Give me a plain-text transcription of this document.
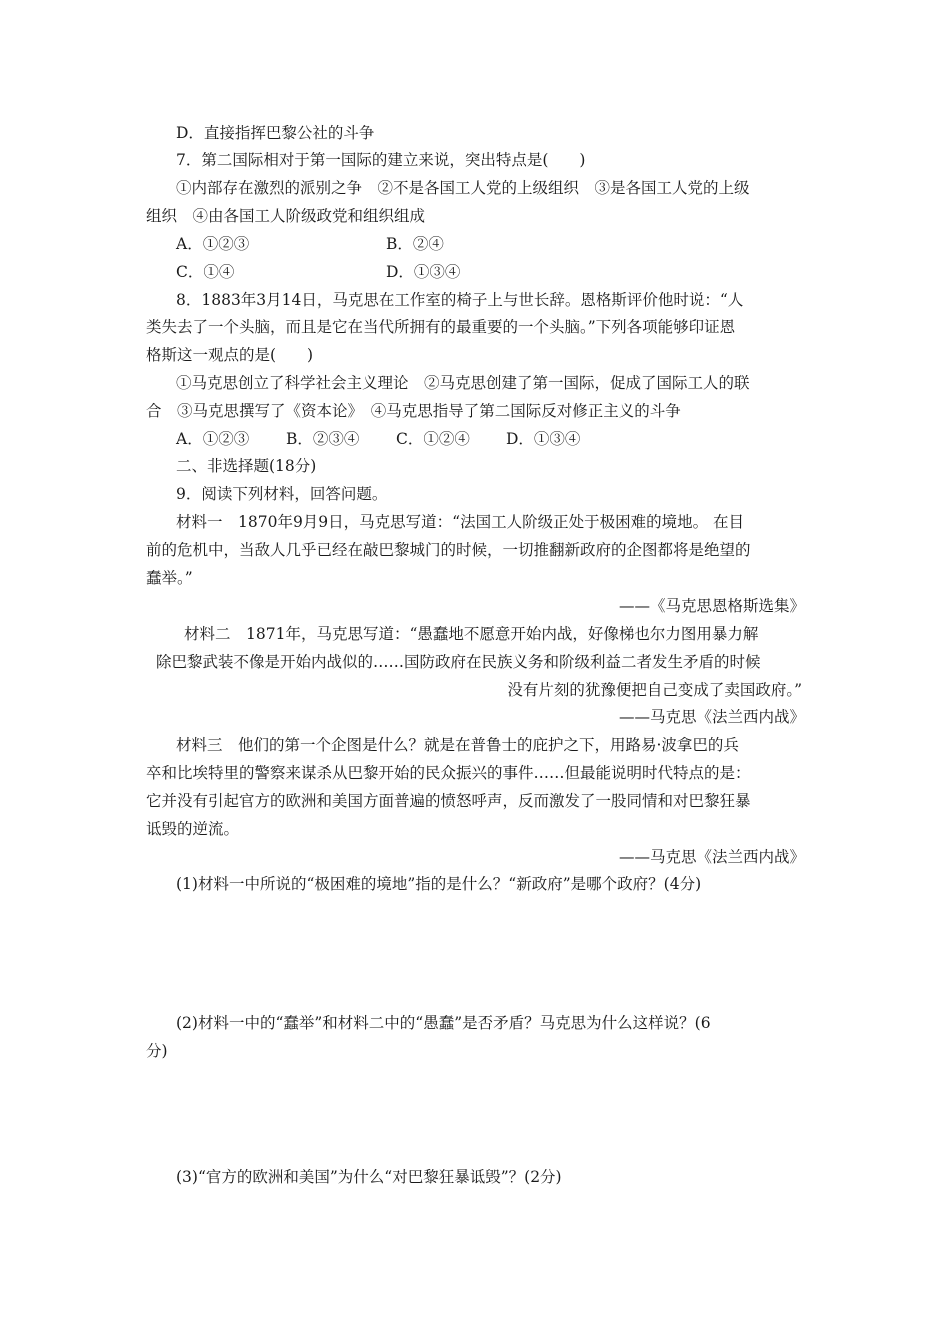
D．直接指挥巴黎公社的斗争
7．第二国际相对于第一国际的建立来说，突出特点是(　　)
①内部存在激烈的派别之争　②不是各国工人党的上级组织　③是各国工人党的上级
组织　④由各国工人阶级政党和组织组成
A．①②③	B．②④
C．①④	D．①③④
8．1883年3月14日，马克思在工作室的椅子上与世长辞。恩格斯评价他时说：“人
类失去了一个头脑，而且是它在当代所拥有的最重要的一个头脑。”下列各项能够印证恩
格斯这一观点的是(　　)
①马克思创立了科学社会主义理论　②马克思创建了第一国际，促成了国际工人的联
合　③马克思撰写了《资本论》　④马克思指导了第二国际反对修正主义的斗争
A．①②③ B．②③④ C．①②④ D．①③④
二、非选择题(18分)
9．阅读下列材料，回答问题。
材料一　1870年9月9日，马克思写道：“法国工人阶级正处于极困难的境地。 在目
前的危机中，当敌人几乎已经在敲巴黎城门的时候，一切推翻新政府的企图都将是绝望的
蠢举。”
——《马克思恩格斯选集》
材料二　1871年，马克思写道：“愚蠢地不愿意开始内战，好像梯也尔力图用暴力解
除巴黎武装不像是开始内战似的……国防政府在民族义务和阶级利益二者发生矛盾的时候
没有片刻的犹豫便把自己变成了卖国政府。”
——马克思《法兰西内战》
材料三　他们的第一个企图是什么？就是在普鲁士的庇护之下，用路易·波拿巴的兵
卒和比埃特里的警察来谋杀从巴黎开始的民众振兴的事件……但最能说明时代特点的是：
它并没有引起官方的欧洲和美国方面普遍的愤怒呼声，反而激发了一股同情和对巴黎狂暴
诋毁的逆流。
——马克思《法兰西内战》
(1)材料一中所说的“极困难的境地”指的是什么？“新政府”是哪个政府？(4分)
(2)材料一中的“蠢举”和材料二中的“愚蠢”是否矛盾？马克思为什么这样说？(6
分)
(3)“官方的欧洲和美国”为什么“对巴黎狂暴诋毁”？(2分)
